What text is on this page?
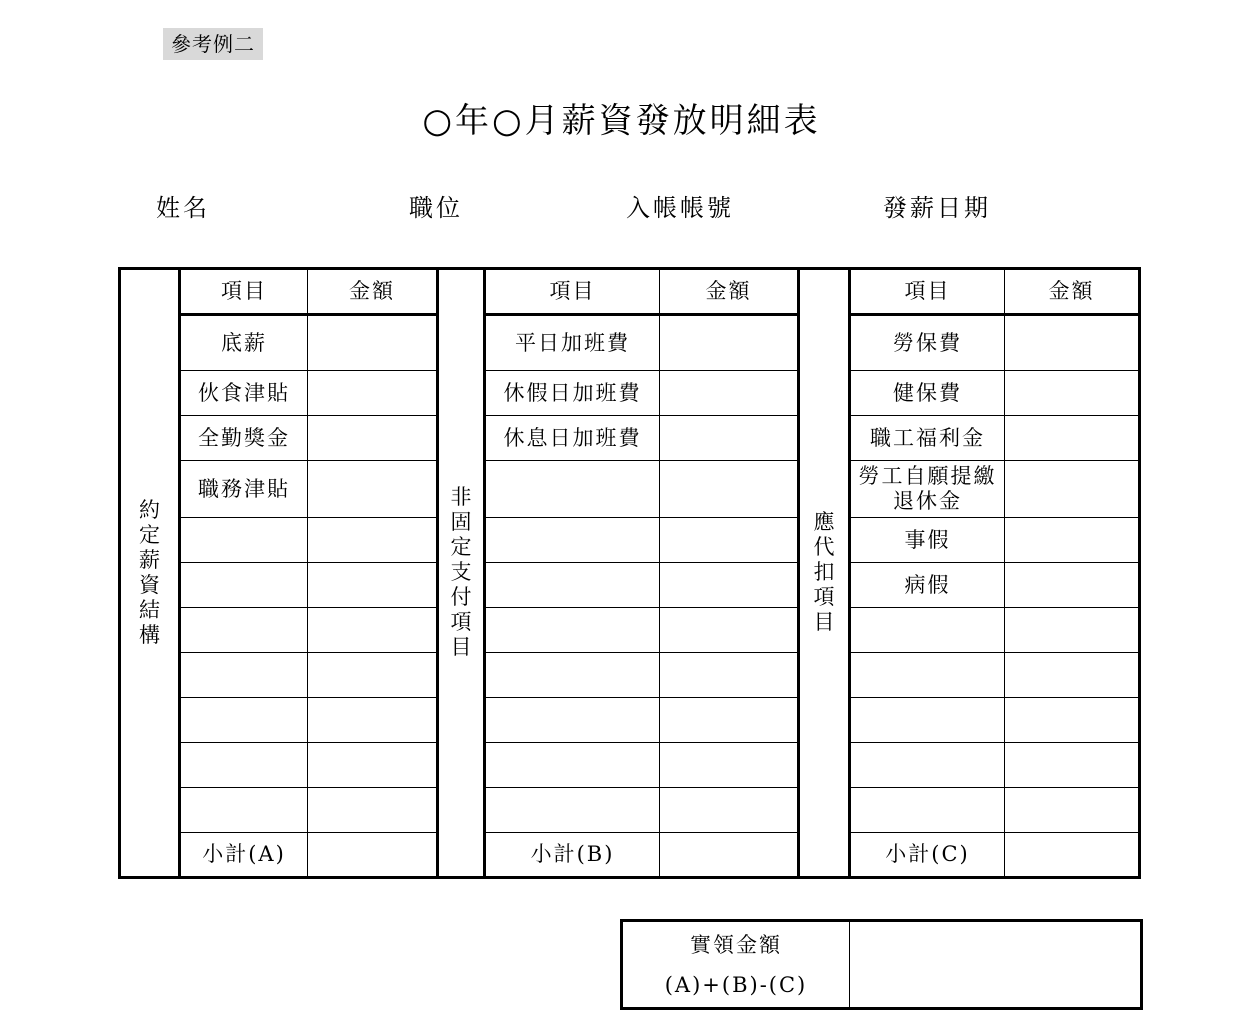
參考例二
○年○月薪資發放明細表
姓名	職位	入帳帳號	發薪日期
約定薪資結構	項目	金額	非固定支付項目	項目	金額	應代扣項目	項目	金額
	底薪			平日加班費			勞保費	
	伙食津貼			休假日加班費			健保費	
	全勤獎金			休息日加班費			職工福利金	
	職務津貼						勞工自願提繳退休金	
							事假	
							病假	

	小計(A)			小計(B)			小計(C)	
實領金額
(A)+(B)-(C)
